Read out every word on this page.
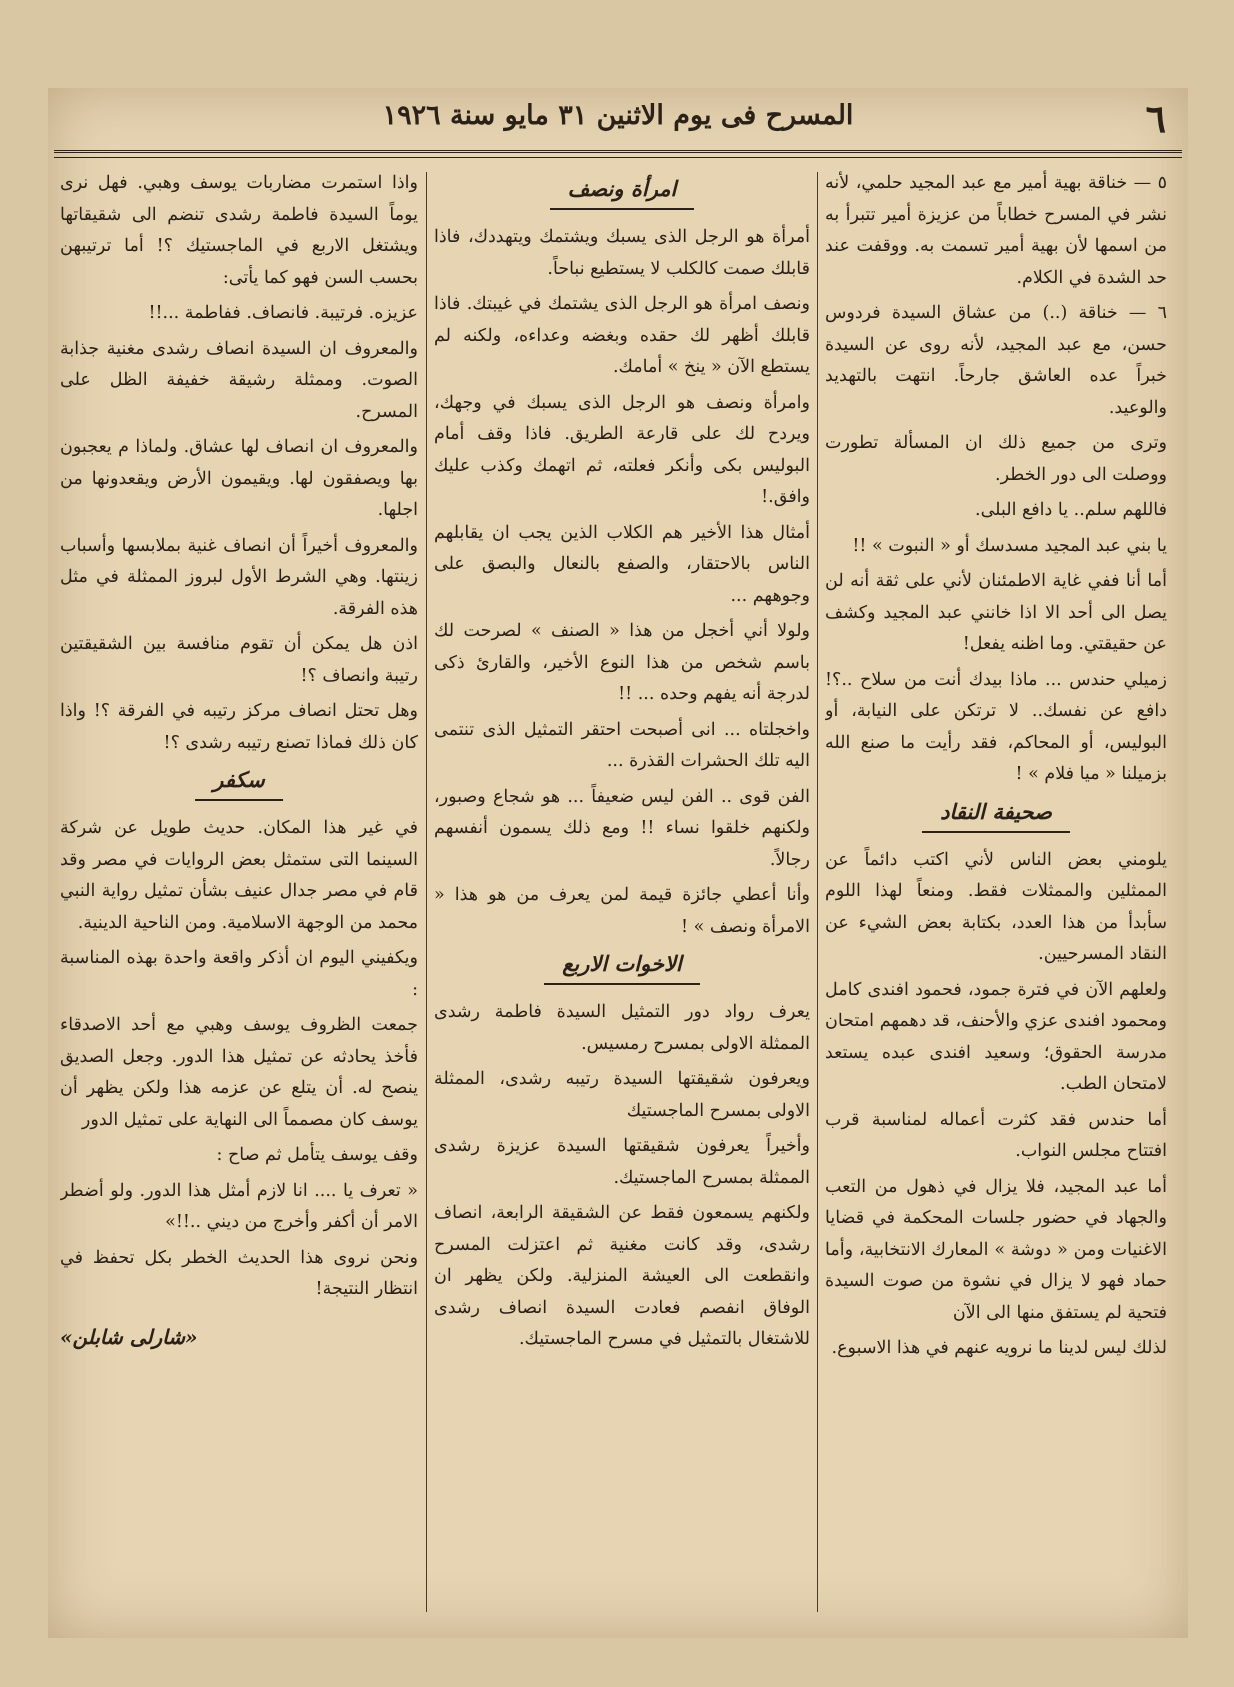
٦
المسرح فى يوم الاثنين ٣١ مايو سنة ١٩٢٦

٥ — خناقة بهية أمير مع عبد المجيد حلمي، لأنه نشر في المسرح خطاباً من عزيزة أمير تتبرأ به من اسمها لأن بهية أمير تسمت به. ووقفت عند حد الشدة في الكلام.

٦ — خناقة (..) من عشاق السيدة فردوس حسن، مع عبد المجيد، لأنه روى عن السيدة خبراً عده العاشق جارحاً. انتهت بالتهديد والوعيد.

وترى من جميع ذلك ان المسألة تطورت ووصلت الى دور الخطر.

فاللهم سلم.. يا دافع البلى.

يا بني عبد المجيد مسدسك أو « النبوت » !!

أما أنا ففي غاية الاطمئنان لأني على ثقة أنه لن يصل الى أحد الا اذا خانني عبد المجيد وكشف عن حقيقتي. وما اظنه يفعل!

زميلي حندس ... ماذا بيدك أنت من سلاح ..؟! دافع عن نفسك.. لا ترتكن على النيابة، أو البوليس، أو المحاكم، فقد رأيت ما صنع الله بزميلنا « ميا فلام » !

صحيفة النقاد

يلومني بعض الناس لأني اكتب دائماً عن الممثلين والممثلات فقط. ومنعاً لهذا اللوم سأبدأ من هذا العدد، بكتابة بعض الشيء عن النقاد المسرحيين.

ولعلهم الآن في فترة جمود، فحمود افندى كامل ومحمود افندى عزي والأحنف، قد دهمهم امتحان مدرسة الحقوق؛ وسعيد افندى عبده يستعد لامتحان الطب.

أما حندس فقد كثرت أعماله لمناسبة قرب افتتاح مجلس النواب.

أما عبد المجيد، فلا يزال في ذهول من التعب والجهاد في حضور جلسات المحكمة في قضايا الاغنيات ومن « دوشة » المعارك الانتخابية، وأما حماد فهو لا يزال في نشوة من صوت السيدة فتحية لم يستفق منها الى الآن

لذلك ليس لدينا ما نرويه عنهم في هذا الاسبوع.

امرأة ونصف

أمرأة هو الرجل الذى يسبك ويشتمك ويتهددك، فاذا قابلك صمت كالكلب لا يستطيع نباحاً.

ونصف امرأة هو الرجل الذى يشتمك في غيبتك. فاذا قابلك أظهر لك حقده وبغضه وعداءه، ولكنه لم يستطع الآن « ينخ » أمامك.

وامرأة ونصف هو الرجل الذى يسبك في وجهك، ويردح لك على قارعة الطريق. فاذا وقف أمام البوليس بكى وأنكر فعلته، ثم اتهمك وكذب عليك وافق.!

أمثال هذا الأخير هم الكلاب الذين يجب ان يقابلهم الناس بالاحتقار، والصفع بالنعال والبصق على وجوههم ...

ولولا أني أخجل من هذا « الصنف » لصرحت لك باسم شخص من هذا النوع الأخير، والقارئ ذكى لدرجة أنه يفهم وحده ... !!

واخجلتاه ... انى أصبحت احتقر التمثيل الذى تنتمى اليه تلك الحشرات القذرة ...

الفن قوى .. الفن ليس ضعيفاً ... هو شجاع وصبور، ولكنهم خلقوا نساء !! ومع ذلك يسمون أنفسهم رجالاً.

وأنا أعطي جائزة قيمة لمن يعرف من هو هذا « الامرأة ونصف » !

الاخوات الاربع

يعرف رواد دور التمثيل السيدة فاطمة رشدى الممثلة الاولى بمسرح رمسيس.

ويعرفون شقيقتها السيدة رتيبه رشدى، الممثلة الاولى بمسرح الماجستيك

وأخيراً يعرفون شقيقتها السيدة عزيزة رشدى الممثلة بمسرح الماجستيك.

ولكنهم يسمعون فقط عن الشقيقة الرابعة، انصاف رشدى، وقد كانت مغنية ثم اعتزلت المسرح وانقطعت الى العيشة المنزلية. ولكن يظهر ان الوفاق انفصم فعادت السيدة انصاف رشدى للاشتغال بالتمثيل في مسرح الماجستيك.

واذا استمرت مضاربات يوسف وهبي. فهل نرى يوماً السيدة فاطمة رشدى تنضم الى شقيقاتها ويشتغل الاربع في الماجستيك ؟! أما ترتيبهن بحسب السن فهو كما يأتى:

عزيزه. فرتيبة. فانصاف. ففاطمة ...!!

والمعروف ان السيدة انصاف رشدى مغنية جذابة الصوت. وممثلة رشيقة خفيفة الظل على المسرح.

والمعروف ان انصاف لها عشاق. ولماذا م يعجبون بها ويصفقون لها. ويقيمون الأرض ويقعدونها من اجلها.

والمعروف أخيراً أن انصاف غنية بملابسها وأسباب زينتها. وهي الشرط الأول لبروز الممثلة في مثل هذه الفرقة.

اذن هل يمكن أن تقوم منافسة بين الشقيقتين رتيبة وانصاف ؟!

وهل تحتل انصاف مركز رتيبه في الفرقة ؟! واذا كان ذلك فماذا تصنع رتيبه رشدى ؟!

سكفر

في غير هذا المكان. حديث طويل عن شركة السينما التى ستمثل بعض الروايات في مصر وقد قام في مصر جدال عنيف بشأن تمثيل رواية النبي محمد من الوجهة الاسلامية. ومن الناحية الدينية.

ويكفيني اليوم ان أذكر واقعة واحدة بهذه المناسبة :

جمعت الظروف يوسف وهبي مع أحد الاصدقاء فأخذ يحادثه عن تمثيل هذا الدور. وجعل الصديق ينصح له. أن يتلع عن عزمه هذا ولكن يظهر أن يوسف كان مصمماً الى النهاية على تمثيل الدور

وقف يوسف يتأمل ثم صاح :

« تعرف يا .... انا لازم أمثل هذا الدور. ولو أضطر الامر أن أكفر وأخرج من ديني ..!!»

ونحن نروى هذا الحديث الخطر بكل تحفظ في انتظار النتيجة!

«شارلى شابلن»
